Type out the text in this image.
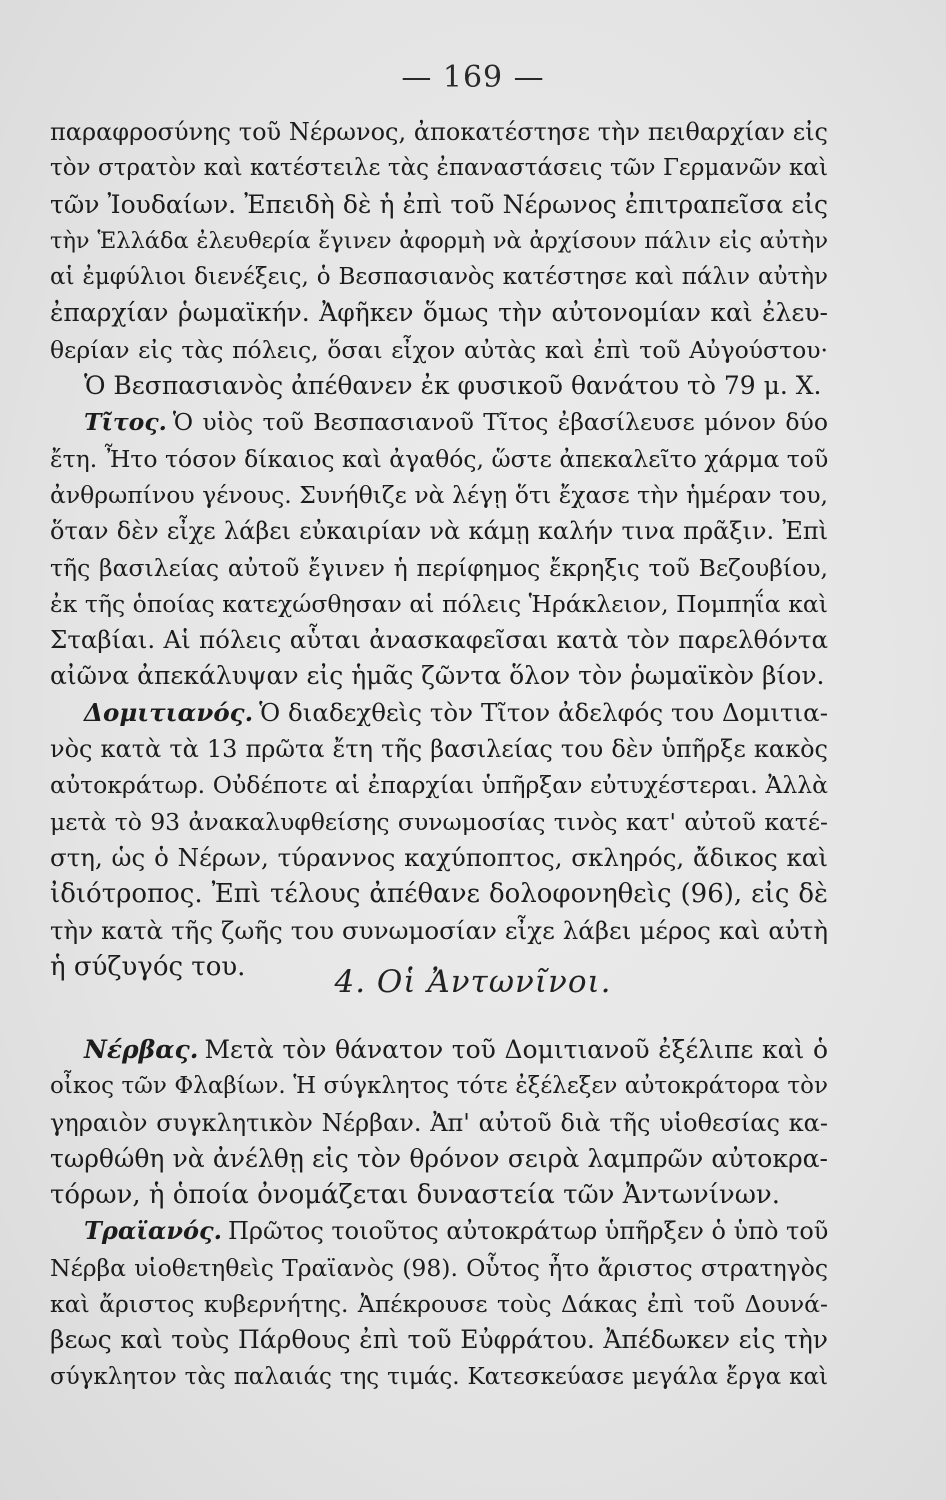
— 169 —
παραφροσύνης τοῦ Νέρωνος, ἀποκατέστησε τὴν πειθαρχίαν εἰς
τὸν στρατὸν καὶ κατέστειλε τὰς ἐπαναστάσεις τῶν Γερμανῶν καὶ
τῶν Ἰουδαίων. Ἐπειδὴ δὲ ἡ ἐπὶ τοῦ Νέρωνος ἐπιτραπεῖσα εἰς
τὴν Ἑλλάδα ἐλευθερία ἔγινεν ἀφορμὴ νὰ ἀρχίσουν πάλιν εἰς αὐτὴν
αἱ ἐμφύλιοι διενέξεις, ὁ Βεσπασιανὸς κατέστησε καὶ πάλιν αὐτὴν
ἐπαρχίαν ῥωμαϊκήν. Ἀφῆκεν ὅμως τὴν αὐτονομίαν καὶ ἐλευ-
θερίαν εἰς τὰς πόλεις, ὅσαι εἶχον αὐτὰς καὶ ἐπὶ τοῦ Αὐγούστου·
Ὁ Βεσπασιανὸς ἀπέθανεν ἐκ φυσικοῦ θανάτου τὸ 79 μ. Χ.
Τῖτος. Ὁ υἱὸς τοῦ Βεσπασιανοῦ Τῖτος ἐβασίλευσε μόνον δύο
ἔτη. Ἦτο τόσον δίκαιος καὶ ἀγαθός, ὥστε ἀπεκαλεῖτο χάρμα τοῦ
ἀνθρωπίνου γένους. Συνήθιζε νὰ λέγῃ ὅτι ἔχασε τὴν ἡμέραν του,
ὅταν δὲν εἶχε λάβει εὐκαιρίαν νὰ κάμῃ καλήν τινα πρᾶξιν. Ἐπὶ
τῆς βασιλείας αὐτοῦ ἔγινεν ἡ περίφημος ἔκρηξις τοῦ Βεζουβίου,
ἐκ τῆς ὁποίας κατεχώσθησαν αἱ πόλεις Ἡράκλειον, Πομπηΐα καὶ
Σταβίαι. Αἱ πόλεις αὗται ἀνασκαφεῖσαι κατὰ τὸν παρελθόντα
αἰῶνα ἀπεκάλυψαν εἰς ἡμᾶς ζῶντα ὅλον τὸν ῥωμαϊκὸν βίον.
Δομιτιανός. Ὁ διαδεχθεὶς τὸν Τῖτον ἀδελφός του Δομιτια-
νὸς κατὰ τὰ 13 πρῶτα ἔτη τῆς βασιλείας του δὲν ὑπῆρξε κακὸς
αὐτοκράτωρ. Οὐδέποτε αἱ ἐπαρχίαι ὑπῆρξαν εὐτυχέστεραι. Ἀλλὰ
μετὰ τὸ 93 ἀνακαλυφθείσης συνωμοσίας τινὸς κατ' αὐτοῦ κατέ-
στη, ὡς ὁ Νέρων, τύραννος καχύποπτος, σκληρός, ἄδικος καὶ
ἰδιότροπος. Ἐπὶ τέλους ἀπέθανε δολοφονηθεὶς (96), εἰς δὲ
τὴν κατὰ τῆς ζωῆς του συνωμοσίαν εἶχε λάβει μέρος καὶ αὐτὴ
ἡ σύζυγός του.	4. Οἱ Ἀντωνῖνοι.
Νέρβας. Μετὰ τὸν θάνατον τοῦ Δομιτιανοῦ ἐξέλιπε καὶ ὁ
οἶκος τῶν Φλαβίων. Ἡ σύγκλητος τότε ἐξέλεξεν αὐτοκράτορα τὸν
γηραιὸν συγκλητικὸν Νέρβαν. Ἀπ' αὐτοῦ διὰ τῆς υἱοθεσίας κα-
τωρθώθη νὰ ἀνέλθῃ εἰς τὸν θρόνον σειρὰ λαμπρῶν αὐτοκρα-
τόρων, ἡ ὁποία ὀνομάζεται δυναστεία τῶν Ἀντωνίνων.
Τραϊανός. Πρῶτος τοιοῦτος αὐτοκράτωρ ὑπῆρξεν ὁ ὑπὸ τοῦ
Νέρβα υἱοθετηθεὶς Τραϊανὸς (98). Οὗτος ἦτο ἄριστος στρατηγὸς
καὶ ἄριστος κυβερνήτης. Ἀπέκρουσε τοὺς Δάκας ἐπὶ τοῦ Δουνά-
βεως καὶ τοὺς Πάρθους ἐπὶ τοῦ Εὐφράτου. Ἀπέδωκεν εἰς τὴν
σύγκλητον τὰς παλαιάς της τιμάς. Κατεσκεύασε μεγάλα ἔργα καὶ
